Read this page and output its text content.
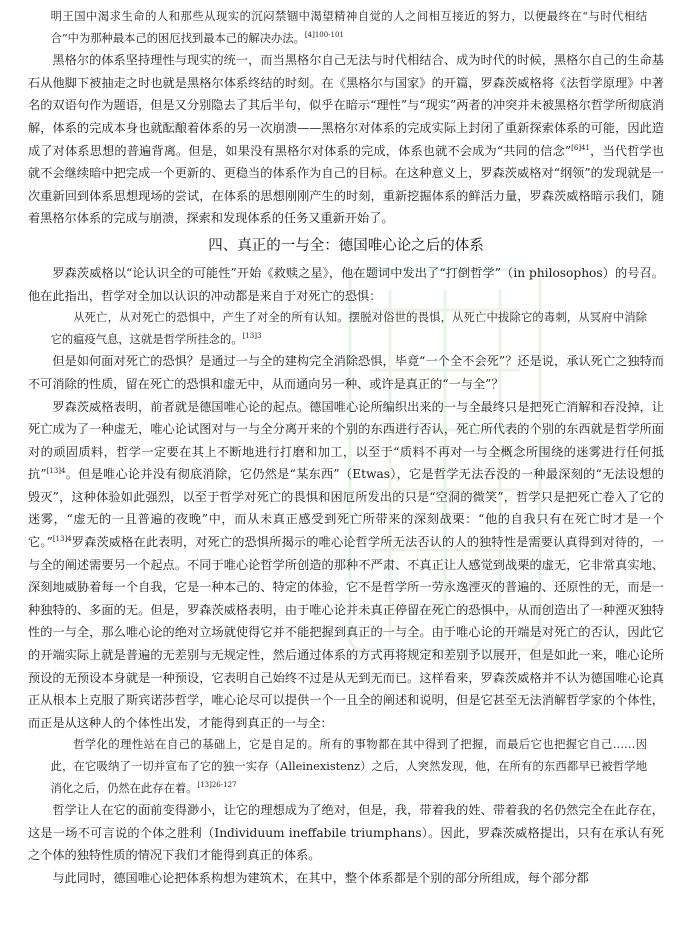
明王国中渴求生命的人和那些从现实的沉闷禁锢中渴望精神自觉的人之间相互接近的努力，以便最终在“与时代相结合”中为那种最本己的困厄找到最本己的解决办法。$^{[4]100-101}$

黑格尔的体系坚持理性与现实的统一，而当黑格尔自己无法与时代相结合、成为时代的时候，黑格尔自己的生命基石从他脚下被抽走之时也就是黑格尔体系终结的时刻。在《黑格尔与国家》的开篇，罗森茨威格将《法哲学原理》中著名的双语句作为题语，但是又分别隐去了其后半句，似乎在暗示“理性”与“现实”两者的冲突并未被黑格尔哲学所彻底消解，体系的完成本身也就酝酿着体系的另一次崩溃——黑格尔对体系的完成实际上封闭了重新探索体系的可能，因此造成了对体系思想的普遍背离。但是，如果没有黑格尔对体系的完成，体系也就不会成为“共同的信念”$^{[6]41}$，当代哲学也就不会继续暗中把完成一个更新的、更稳当的体系作为自己的目标。在这种意义上，罗森茨威格对“纲领”的发现就是一次重新回到体系思想现场的尝试，在体系的思想刚刚产生的时刻，重新挖掘体系的鲜活力量，罗森茨威格暗示我们，随着黑格尔体系的完成与崩溃，探索和发现体系的任务又重新开始了。

四、真正的一与全：德国唯心论之后的体系

罗森茨威格以“论认识全的可能性”开始《救赎之星》，他在题词中发出了“打倒哲学”（in philosophos）的号召。他在此指出，哲学对全加以认识的冲动都是来自于对死亡的恐惧：

从死亡，从对死亡的恐惧中，产生了对全的所有认知。摆脱对俗世的畏惧，从死亡中拔除它的毒刺，从冥府中消除它的瘟疫气息，这就是哲学所挂念的。$^{[13]3}$

但是如何面对死亡的恐惧？是通过一与全的建构完全消除恐惧，毕竟“一个全不会死”？还是说，承认死亡之独特而不可消除的性质，留在死亡的恐惧和虚无中，从而通向另一种、或许是真正的“一与全”？

罗森茨威格表明，前者就是德国唯心论的起点。德国唯心论所编织出来的一与全最终只是把死亡消解和吞没掉，让死亡成为了一种虚无，唯心论试图对与一与全分离开来的个别的东西进行否认，死亡所代表的个别的东西就是哲学所面对的顽固质料，哲学一定要在其上不断地进行打磨和加工，以至于“质料不再对一与全概念所围绕的迷雾进行任何抵抗”$^{[13]4}$。但是唯心论并没有彻底消除，它仍然是“某东西”（Etwas），它是哲学无法吞没的一种最深刻的“无法设想的毁灭”，这种体验如此强烈，以至于哲学对死亡的畏惧和困厄所发出的只是“空洞的微笑”，哲学只是把死亡卷入了它的迷雾，“虚无的一且普遍的夜晚”中，而从未真正感受到死亡所带来的深刻战栗：“他的自我只有在死亡时才是一个它。”$^{[13]4}$罗森茨威格在此表明，对死亡的恐惧所揭示的唯心论哲学所无法否认的人的独特性是需要认真得到对待的，一与全的阐述需要另一个起点。不同于唯心论哲学所创造的那种不严肃、不真正让人感觉到战栗的虚无，它非常真实地、深刻地威胁着每一个自我，它是一种本己的、特定的体验，它不是哲学所一劳永逸湮灭的普遍的、还原性的无，而是一种独特的、多面的无。但是，罗森茨威格表明，由于唯心论并未真正停留在死亡的恐惧中，从而创造出了一种湮灭独特性的一与全，那么唯心论的绝对立场就使得它并不能把握到真正的一与全。由于唯心论的开端是对死亡的否认，因此它的开端实际上就是普遍的无差别与无规定性，然后通过体系的方式再将规定和差别予以展开，但是如此一来，唯心论所预设的无预设本身就是一种预设，它表明自己始终不过是从无到无而已。这样看来，罗森茨威格并不认为德国唯心论真正从根本上克服了斯宾诺莎哲学，唯心论尽可以提供一个一且全的阐述和说明，但是它甚至无法消解哲学家的个体性，而正是从这种人的个体性出发，才能得到真正的一与全：

哲学化的理性站在自己的基础上，它是自足的。所有的事物都在其中得到了把握，而最后它也把握它自己……因此，在它吸纳了一切并宣布了它的独一实存（Alleinexistenz）之后，人突然发现，他，在所有的东西都早已被哲学地消化之后，仍然在此存在着。$^{[13]26-127}$

哲学让人在它的面前变得渺小，让它的理想成为了绝对，但是，我，带着我的姓、带着我的名仍然完全在此存在，这是一场不可言说的个体之胜利（Individuum ineffabile triumphans）。因此，罗森茨威格提出，只有在承认有死之个体的独特性质的情况下我们才能得到真正的体系。

与此同时，德国唯心论把体系构想为建筑术，在其中，整个体系都是个别的部分所组成，每个部分都
